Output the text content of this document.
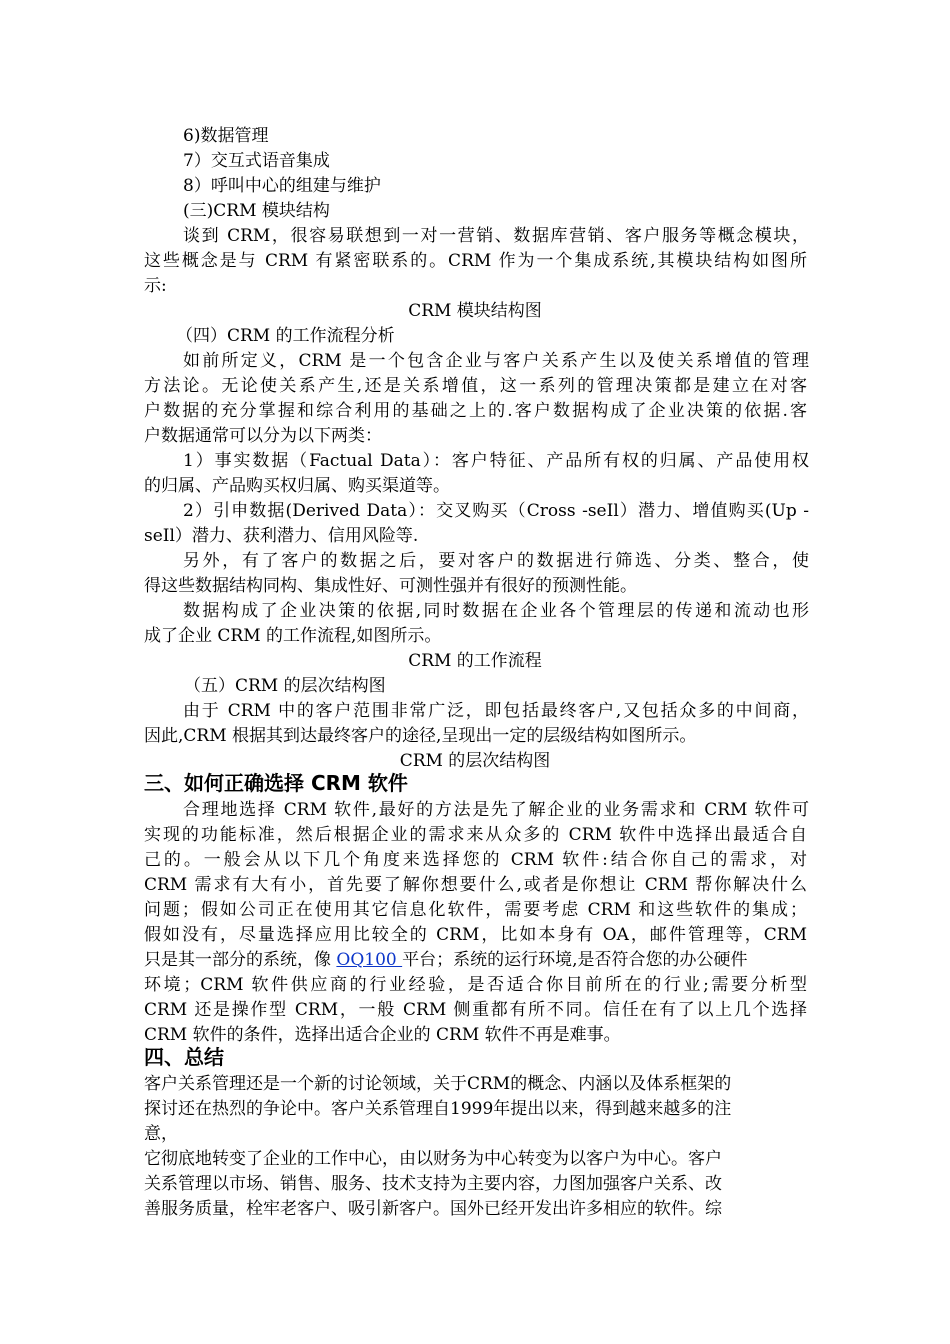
6)数据管理
7）交互式语音集成
8）呼叫中心的组建与维护
(三)CRM 模块结构
谈到 CRM，很容易联想到一对一营销、数据库营销、客户服务等概念模块，
这些概念是与 CRM 有紧密联系的。CRM 作为一个集成系统,其模块结构如图所
示:
CRM 模块结构图
（四）CRM 的工作流程分析
如前所定义，CRM 是一个包含企业与客户关系产生以及使关系增值的管理
方法论。无论使关系产生,还是关系增值，这一系列的管理决策都是建立在对客
户数据的充分掌握和综合利用的基础之上的.客户数据构成了企业决策的依据.客
户数据通常可以分为以下两类：
1）事实数据（Factual Data）：客户特征、产品所有权的归属、产品使用权
的归属、产品购买权归属、购买渠道等。
2）引申数据(Derived Data）：交叉购买（Cross -seIl）潜力、增值购买(Up -
seIl）潜力、获利潜力、信用风险等.
另外，有了客户的数据之后，要对客户的数据进行筛选、分类、整合，使
得这些数据结构同构、集成性好、可测性强并有很好的预测性能。
数据构成了企业决策的依据,同时数据在企业各个管理层的传递和流动也形
成了企业 CRM 的工作流程,如图所示。
CRM 的工作流程
（五）CRM 的层次结构图
由于 CRM 中的客户范围非常广泛，即包括最终客户,又包括众多的中间商，
因此,CRM 根据其到达最终客户的途径,呈现出一定的层级结构如图所示。
CRM 的层次结构图
三、如何正确选择 CRM 软件
合理地选择 CRM 软件,最好的方法是先了解企业的业务需求和 CRM 软件可
实现的功能标准，然后根据企业的需求来从众多的 CRM 软件中选择出最适合自
己的。一般会从以下几个角度来选择您的 CRM 软件:结合你自己的需求，对
CRM 需求有大有小，首先要了解你想要什么,或者是你想让 CRM 帮你解决什么
问题；假如公司正在使用其它信息化软件，需要考虑 CRM 和这些软件的集成；
假如没有，尽量选择应用比较全的 CRM，比如本身有 OA，邮件管理等，CRM
只是其一部分的系统，像 OQ100 平台；系统的运行环境,是否符合您的办公硬件
环境；CRM 软件供应商的行业经验，是否适合你目前所在的行业;需要分析型
CRM 还是操作型 CRM，一般 CRM 侧重都有所不同。信任在有了以上几个选择
CRM 软件的条件，选择出适合企业的 CRM 软件不再是难事。
四、总结
客户关系管理还是一个新的讨论领域，关于CRM的概念、内涵以及体系框架的
探讨还在热烈的争论中。客户关系管理自1999年提出以来，得到越来越多的注
意，
它彻底地转变了企业的工作中心，由以财务为中心转变为以客户为中心。客户
关系管理以市场、销售、服务、技术支持为主要内容，力图加强客户关系、改
善服务质量，栓牢老客户、吸引新客户。国外已经开发出许多相应的软件。综
